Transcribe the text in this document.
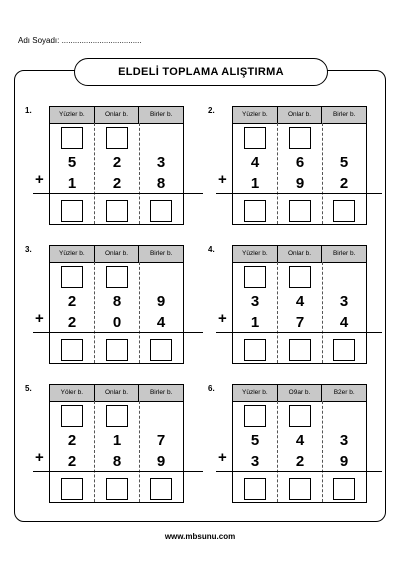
Adı Soyadı: ....................................
ELDELİ TOPLAMA ALIŞTIRMA
1.	Yüzler b.	Onlar b.	Birler b.
5	2	3
1	2	8
+
2.	Yüzler b.	Onlar b.	Birler b.
4	6	5
1	9	2
+
3.	Yüzler b.	Onlar b.	Birler b.
2	8	9
2	0	4
+
4.	Yüzler b.	Onlar b.	Birler b.
3	4	3
1	7	4
+
5.	Yöler b.	Onlar b.	Birler b.
2	1	7
2	8	9
+
6.	Yüzler b.	O9ar b.	B2er b.
5	4	3
3	2	9
+
www.mbsunu.com
